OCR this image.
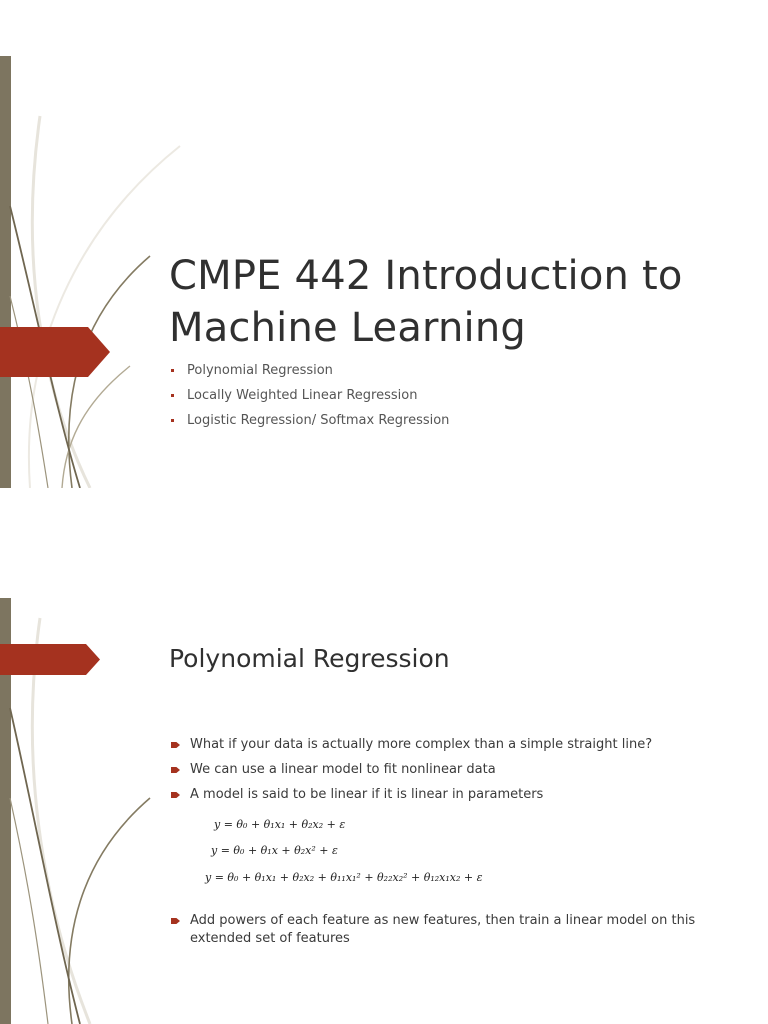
CMPE 442 Introduction to
Machine Learning
Polynomial Regression
Locally Weighted Linear Regression
Logistic Regression/ Softmax Regression
Polynomial Regression
What if your data is actually more complex than a simple straight line?
We can use a linear model to fit nonlinear data
A model is said to be linear if it is linear in parameters
y = θ₀ + θ₁x₁ + θ₂x₂ + ε
y = θ₀ + θ₁x + θ₂x² + ε
y = θ₀ + θ₁x₁ + θ₂x₂ + θ₁₁x₁² + θ₂₂x₂² + θ₁₂x₁x₂ + ε
Add powers of each feature as new features, then train a linear model on this extended set of features
